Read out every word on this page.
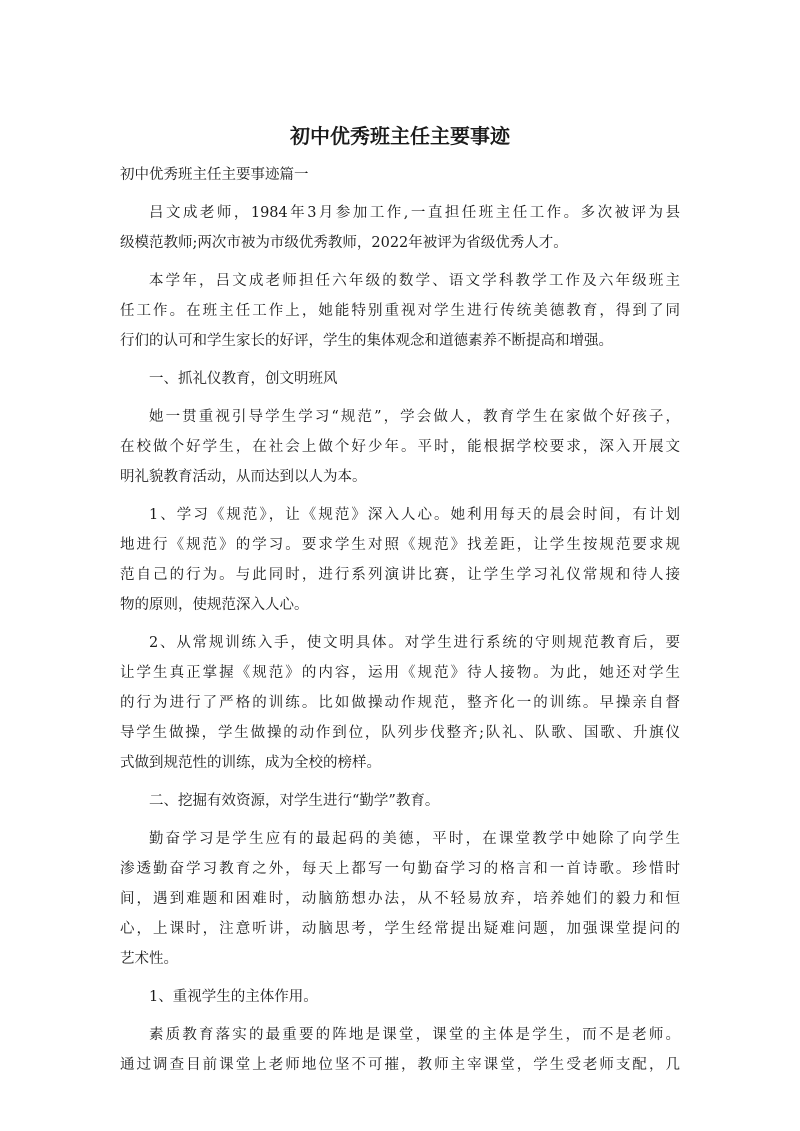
初中优秀班主任主要事迹
初中优秀班主任主要事迹篇一
吕文成老师，1984年3月参加工作,一直担任班主任工作。多次被评为县
级模范教师;两次市被为市级优秀教师，2022年被评为省级优秀人才。
本学年，吕文成老师担任六年级的数学、语文学科教学工作及六年级班主
任工作。在班主任工作上，她能特别重视对学生进行传统美德教育，得到了同
行们的认可和学生家长的好评，学生的集体观念和道德素养不断提高和增强。
一、抓礼仪教育，创文明班风
她一贯重视引导学生学习“规范”，学会做人，教育学生在家做个好孩子，
在校做个好学生，在社会上做个好少年。平时，能根据学校要求，深入开展文
明礼貌教育活动，从而达到以人为本。
1、学习《规范》，让《规范》深入人心。她利用每天的晨会时间，有计划
地进行《规范》的学习。要求学生对照《规范》找差距，让学生按规范要求规
范自己的行为。与此同时，进行系列演讲比赛，让学生学习礼仪常规和待人接
物的原则，使规范深入人心。
2、从常规训练入手，使文明具体。对学生进行系统的守则规范教育后，要
让学生真正掌握《规范》的内容，运用《规范》待人接物。为此，她还对学生
的行为进行了严格的训练。比如做操动作规范，整齐化一的训练。早操亲自督
导学生做操，学生做操的动作到位，队列步伐整齐;队礼、队歌、国歌、升旗仪
式做到规范性的训练，成为全校的榜样。
二、挖掘有效资源，对学生进行“勤学”教育。
勤奋学习是学生应有的最起码的美德，平时，在课堂教学中她除了向学生
渗透勤奋学习教育之外，每天上都写一句勤奋学习的格言和一首诗歌。珍惜时
间，遇到难题和困难时，动脑筋想办法，从不轻易放弃，培养她们的毅力和恒
心，上课时，注意听讲，动脑思考，学生经常提出疑难问题，加强课堂提问的
艺术性。
1、重视学生的主体作用。
素质教育落实的最重要的阵地是课堂，课堂的主体是学生，而不是老师。
通过调查目前课堂上老师地位坚不可摧，教师主宰课堂，学生受老师支配，几
